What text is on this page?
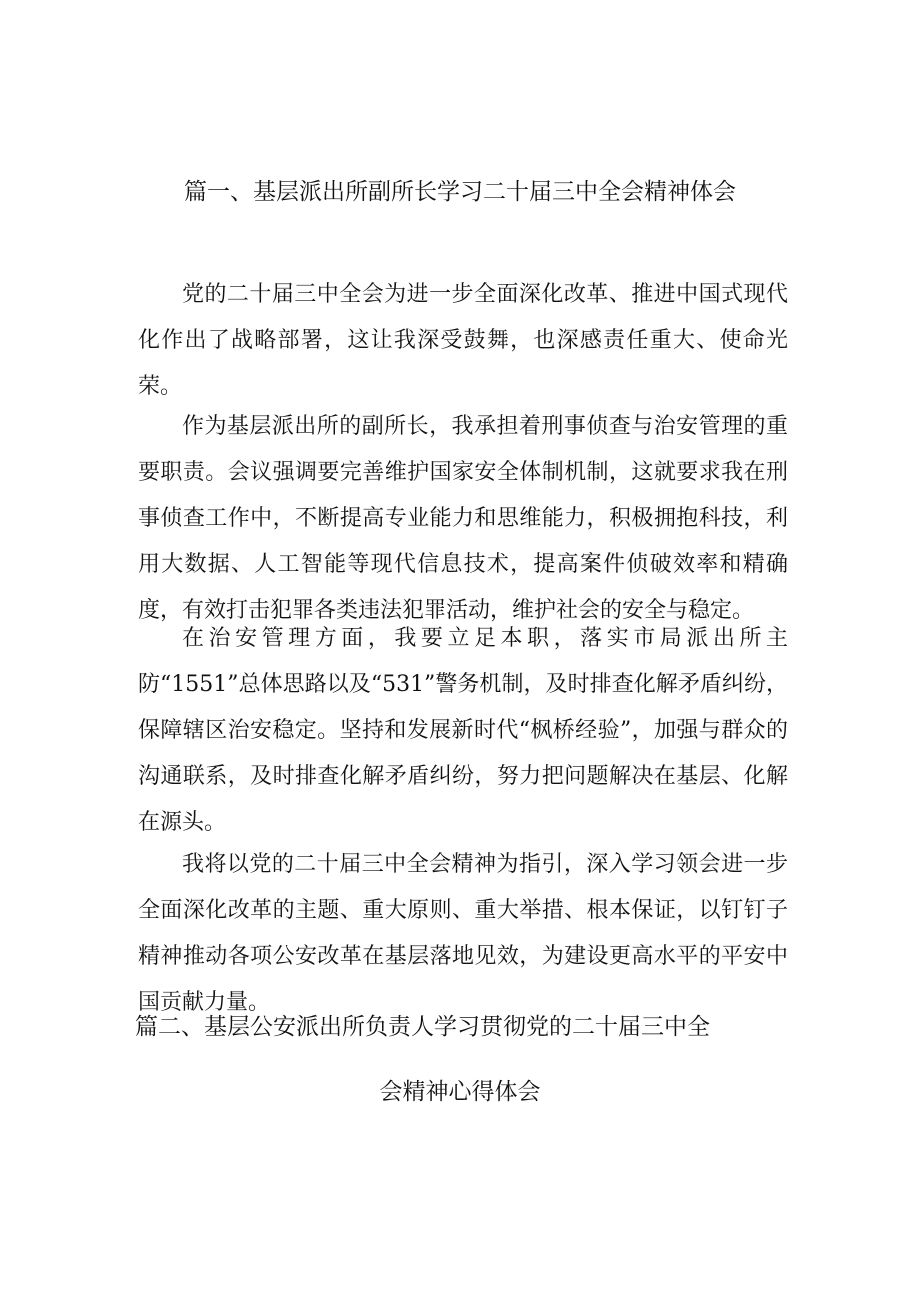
篇一、基层派出所副所长学习二十届三中全会精神体会

党的二十届三中全会为进一步全面深化改革、推进中国式现代化作出了战略部署，这让我深受鼓舞，也深感责任重大、使命光荣。

作为基层派出所的副所长，我承担着刑事侦查与治安管理的重要职责。会议强调要完善维护国家安全体制机制，这就要求我在刑事侦查工作中，不断提高专业能力和思维能力，积极拥抱科技，利用大数据、人工智能等现代信息技术，提高案件侦破效率和精确度，有效打击犯罪各类违法犯罪活动，维护社会的安全与稳定。

在治安管理方面，我要立足本职，落实市局派出所主防“1551”总体思路以及“531”警务机制，及时排查化解矛盾纠纷，保障辖区治安稳定。坚持和发展新时代“枫桥经验”，加强与群众的沟通联系，及时排查化解矛盾纠纷，努力把问题解决在基层、化解在源头。

我将以党的二十届三中全会精神为指引，深入学习领会进一步全面深化改革的主题、重大原则、重大举措、根本保证，以钉钉子精神推动各项公安改革在基层落地见效，为建设更高水平的平安中国贡献力量。

篇二、基层公安派出所负责人学习贯彻党的二十届三中全
会精神心得体会
